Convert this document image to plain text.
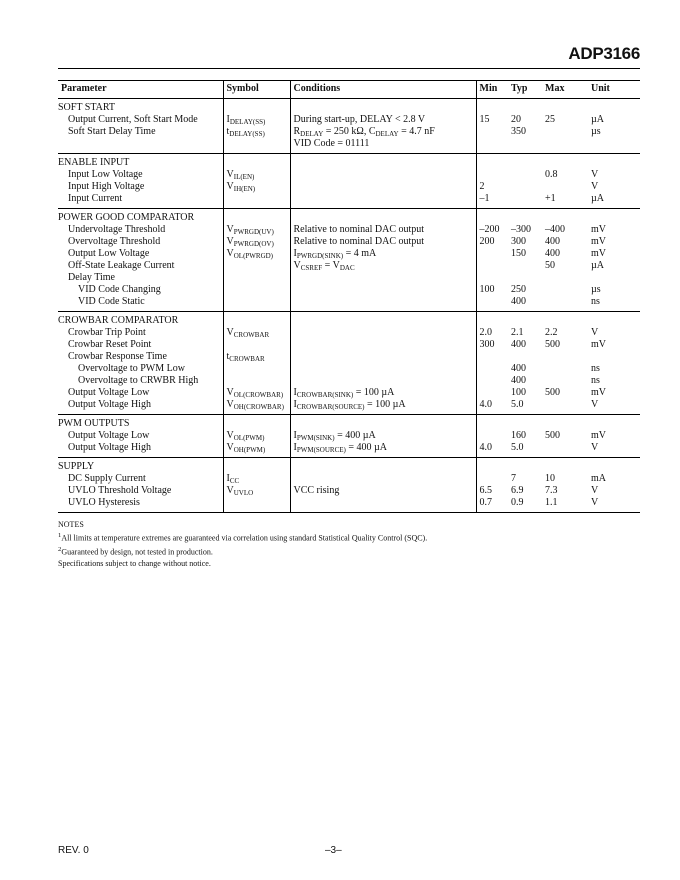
ADP3166
Parameter	Symbol	Conditions	Min	Typ	Max	Unit
SOFT START						
Output Current, Soft Start Mode	$I_{DELAY(SS)}$	During start-up, DELAY < 2.8 V	15	20	25	µA
Soft Start Delay Time	$t_{DELAY(SS)}$	$R_{DELAY} = 250$ kΩ, $C_{DELAY} = 4.7$ nF		350		µs
		VID Code = 01111				
ENABLE INPUT						
Input Low Voltage	$V_{IL(EN)}$				0.8	V
Input High Voltage	$V_{IH(EN)}$		2			V
Input Current			–1		+1	µA
POWER GOOD COMPARATOR						
Undervoltage Threshold	$V_{PWRGD(UV)}$	Relative to nominal DAC output	–200	–300	–400	mV
Overvoltage Threshold	$V_{PWRGD(OV)}$	Relative to nominal DAC output	200	300	400	mV
Output Low Voltage	$V_{OL(PWRGD)}$	$I_{PWRGD(SINK)} = 4$ mA		150	400	mV
Off-State Leakage Current		$V_{CSREF} = V_{DAC}$			50	µA
Delay Time						
VID Code Changing			100	250		µs
VID Code Static				400		ns
CROWBAR COMPARATOR						
Crowbar Trip Point	$V_{CROWBAR}$		2.0	2.1	2.2	V
Crowbar Reset Point			300	400	500	mV
Crowbar Response Time	$t_{CROWBAR}$					
Overvoltage to PWM Low				400		ns
Overvoltage to CRWBR High				400		ns
Output Voltage Low	$V_{OL(CROWBAR)}$	$I_{CROWBAR(SINK)} = 100$ µA		100	500	mV
Output Voltage High	$V_{OH(CROWBAR)}$	$I_{CROWBAR(SOURCE)} = 100$ µA	4.0	5.0		V
PWM OUTPUTS						
Output Voltage Low	$V_{OL(PWM)}$	$I_{PWM(SINK)} = 400$ µA		160	500	mV
Output Voltage High	$V_{OH(PWM)}$	$I_{PWM(SOURCE)} = 400$ µA	4.0	5.0		V
SUPPLY						
DC Supply Current	$I_{CC}$			7	10	mA
UVLO Threshold Voltage	$V_{UVLO}$	VCC rising	6.5	6.9	7.3	V
UVLO Hysteresis			0.7	0.9	1.1	V
NOTES
$^1$All limits at temperature extremes are guaranteed via correlation using standard Statistical Quality Control (SQC).
$^2$Guaranteed by design, not tested in production.
Specifications subject to change without notice.
REV. 0	–3–
